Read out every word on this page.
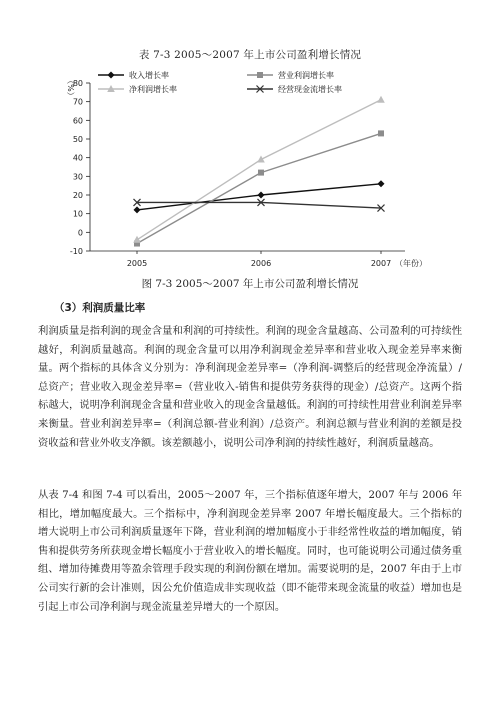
表 7-3 2005～2007 年上市公司盈利增长情况
-10
0
10
20
30
40
50
60
70
80
（%）
2005	2006	2007 （年份）
收入增长率	营业利润增长率
净利润增长率	经营现金流增长率
图 7-3 2005～2007 年上市公司盈利增长情况
（3）利润质量比率

利润质量是指利润的现金含量和利润的可持续性。利润的现金含量越高、公司盈利的可持续性越好，利润质量越高。利润的现金含量可以用净利润现金差异率和营业收入现金差异率来衡量。两个指标的具体含义分别为：净利润现金差异率=（净利润-调整后的经营现金净流量）/总资产；营业收入现金差异率=（营业收入-销售和提供劳务获得的现金）/总资产。这两个指标越大，说明净利润现金含量和营业收入的现金含量越低。利润的可持续性用营业利润差异率来衡量。营业利润差异率=（利润总额-营业利润）/总资产。利润总额与营业利润的差额是投资收益和营业外收支净额。该差额越小，说明公司净利润的持续性越好，利润质量越高。

从表 7-4 和图 7-4 可以看出，2005～2007 年，三个指标值逐年增大，2007 年与 2006 年相比，增加幅度最大。三个指标中，净利润现金差异率 2007 年增长幅度最大。三个指标的增大说明上市公司利润质量逐年下降，营业利润的增加幅度小于非经常性收益的增加幅度，销售和提供劳务所获现金增长幅度小于营业收入的增长幅度。同时，也可能说明公司通过债务重组、增加待摊费用等盈余管理手段实现的利润份额在增加。需要说明的是，2007 年由于上市公司实行新的会计准则，因公允价值造成非实现收益（即不能带来现金流量的收益）增加也是引起上市公司净利润与现金流量差异增大的一个原因。
